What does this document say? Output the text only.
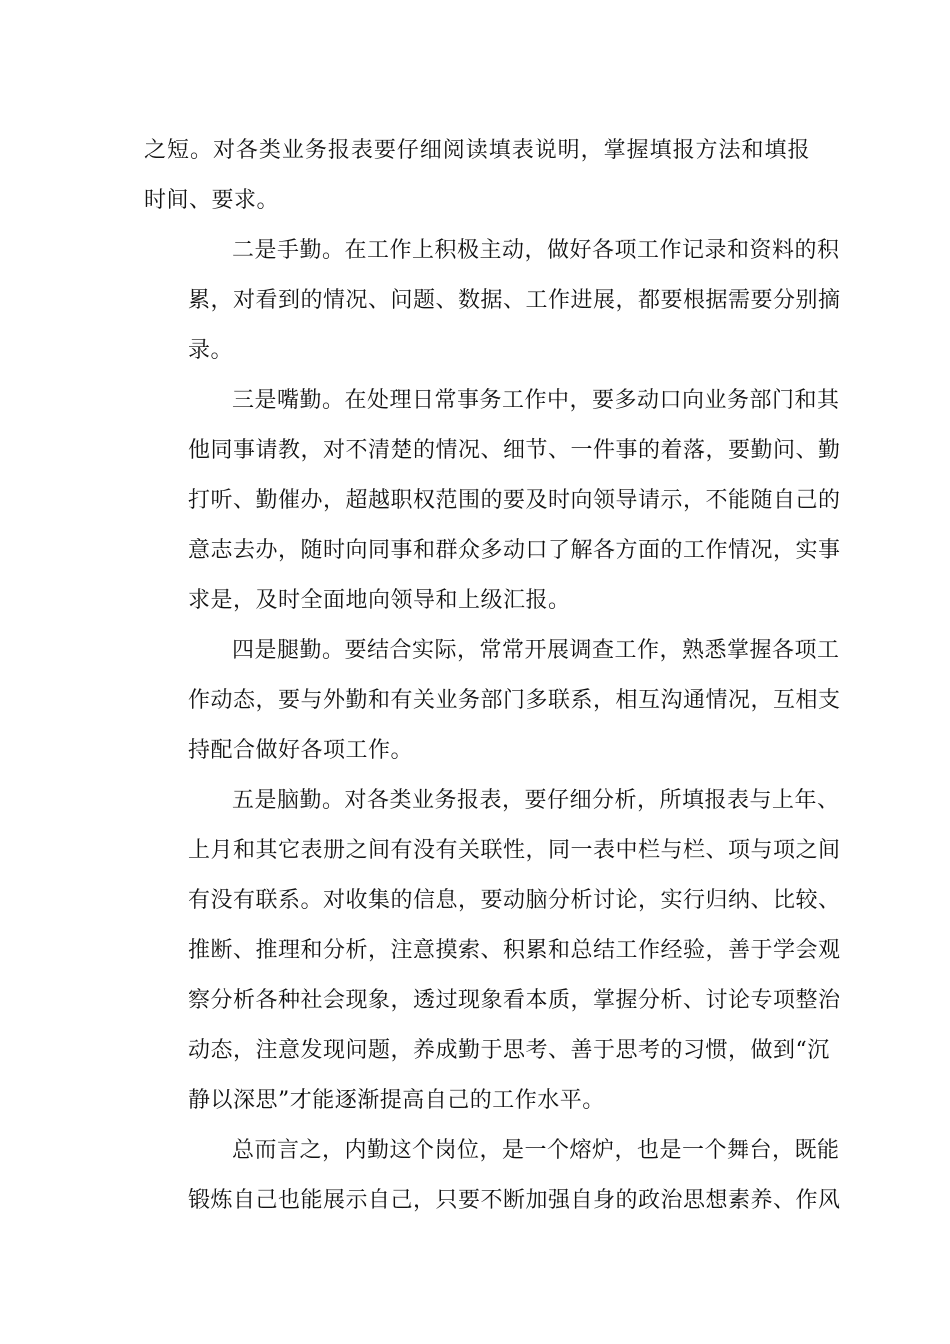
之短。对各类业务报表要仔细阅读填表说明，掌握填报方法和填报
时间、要求。
二是手勤。在工作上积极主动，做好各项工作记录和资料的积
累，对看到的情况、问题、数据、工作进展，都要根据需要分别摘
录。
三是嘴勤。在处理日常事务工作中，要多动口向业务部门和其
他同事请教，对不清楚的情况、细节、一件事的着落，要勤问、勤
打听、勤催办，超越职权范围的要及时向领导请示，不能随自己的
意志去办，随时向同事和群众多动口了解各方面的工作情况，实事
求是，及时全面地向领导和上级汇报。
四是腿勤。要结合实际，常常开展调查工作，熟悉掌握各项工
作动态，要与外勤和有关业务部门多联系，相互沟通情况，互相支
持配合做好各项工作。
五是脑勤。对各类业务报表，要仔细分析，所填报表与上年、
上月和其它表册之间有没有关联性，同一表中栏与栏、项与项之间
有没有联系。对收集的信息，要动脑分析讨论，实行归纳、比较、
推断、推理和分析，注意摸索、积累和总结工作经验，善于学会观
察分析各种社会现象，透过现象看本质，掌握分析、讨论专项整治
动态，注意发现问题，养成勤于思考、善于思考的习惯，做到“沉
静以深思”才能逐渐提高自己的工作水平。
总而言之，内勤这个岗位，是一个熔炉，也是一个舞台，既能
锻炼自己也能展示自己，只要不断加强自身的政治思想素养、作风
